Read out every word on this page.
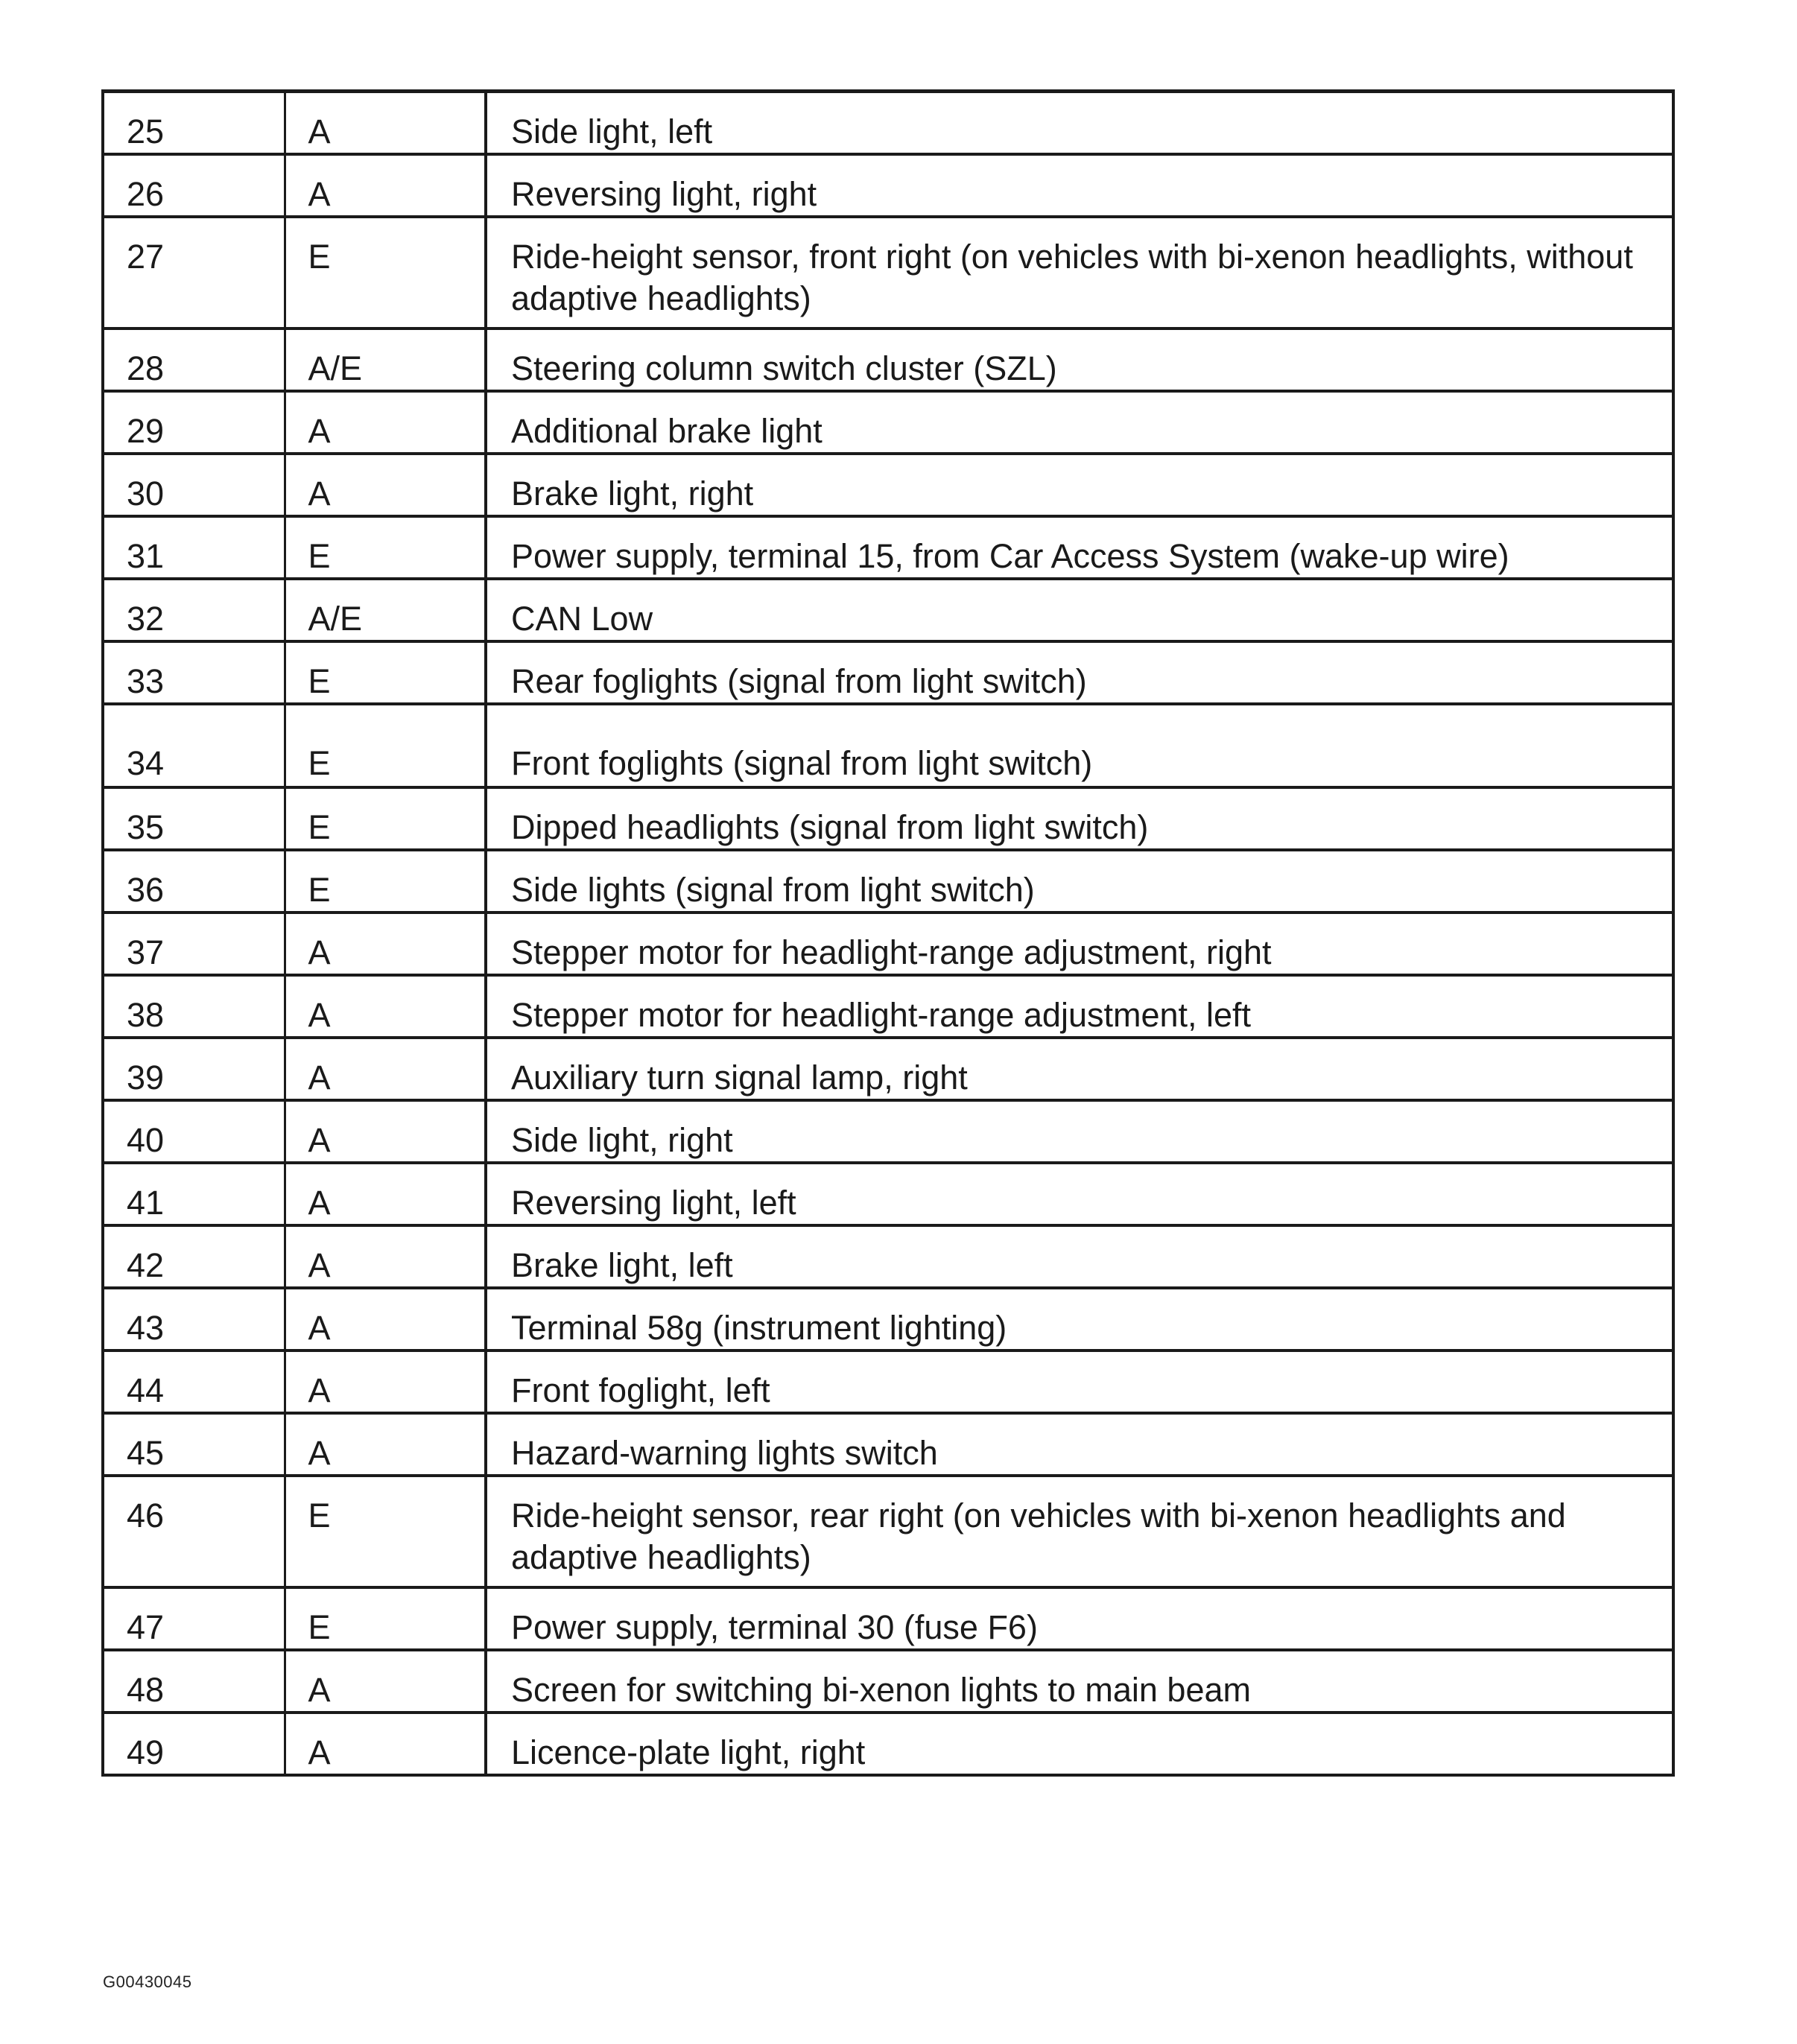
25	A	Side light, left
26	A	Reversing light, right
27	E	Ride-height sensor, front right (on vehicles with bi-xenon headlights, without adaptive headlights)
28	A/E	Steering column switch cluster (SZL)
29	A	Additional brake light
30	A	Brake light, right
31	E	Power supply, terminal 15, from Car Access System (wake-up wire)
32	A/E	CAN Low
33	E	Rear foglights (signal from light switch)
34	E	Front foglights (signal from light switch)
35	E	Dipped headlights (signal from light switch)
36	E	Side lights (signal from light switch)
37	A	Stepper motor for headlight-range adjustment, right
38	A	Stepper motor for headlight-range adjustment, left
39	A	Auxiliary turn signal lamp, right
40	A	Side light, right
41	A	Reversing light, left
42	A	Brake light, left
43	A	Terminal 58g (instrument lighting)
44	A	Front foglight, left
45	A	Hazard-warning lights switch
46	E	Ride-height sensor, rear right (on vehicles with bi-xenon headlights and adaptive headlights)
47	E	Power supply, terminal 30 (fuse F6)
48	A	Screen for switching bi-xenon lights to main beam
49	A	Licence-plate light, right
G00430045
